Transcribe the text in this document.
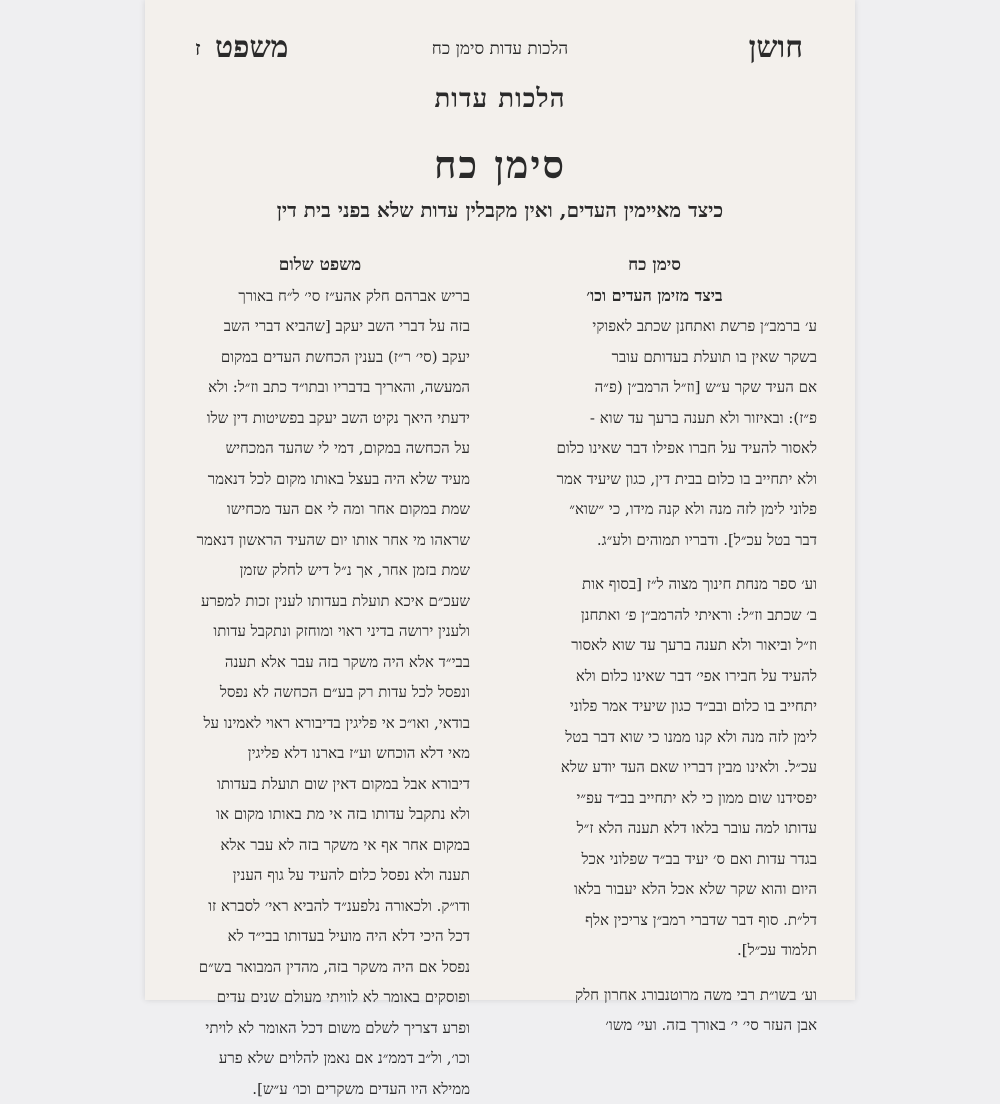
חושן
הלכות עדות סימן כח
משפט
ז
הלכות עדות
סימן כח
כיצד מאיימין העדים, ואין מקבלין עדות שלא בפני בית דין

סימן כח

ביצד מזימן העדים וכו׳

ע׳ ברמב״ן פרשת ואתחנן שכתב לאפוקי

בשקר שאין בו תועלת בעדותם עובר

אם העיד שקר ע״ש [וז״ל הרמב״ן (פ״ה

פ״ז): ובאיזור ולא תענה ברעך עד שוא -

לאסור להעיד על חברו אפילו דבר שאינו כלום

ולא יתחייב בו כלום בבית דין, כגון שיעיד אמר

פלוני לימן לזה מנה ולא קנה מידו, כי ״שוא״

דבר בטל עכ״ל]. ודבריו תמוהים ולע״ג.

וע׳ ספר מנחת חינוך מצוה ל״ז [בסוף אות

ב׳ שכתב וז״ל: וראיתי להרמב״ן פ׳ ואתחנן

וז״ל וביאור ולא תענה ברעך עד שוא לאסור

להעיד על חבירו אפי׳ דבר שאינו כלום ולא

יתחייב בו כלום ובב״ד כגון שיעיד אמר פלוני

לימן לזה מנה ולא קנו ממנו כי שוא דבר בטל

עכ״ל. ולאינו מבין דבריו שאם העד יודע שלא

יפסידנו שום ממון כי לא יתחייב בב״ד עפ״י

עדותו למה עובר בלאו דלא תענה הלא ז״ל

בגדר עדות ואם ס׳ יעיד בב״ד שפלוני אכל

היום והוא שקר שלא אכל הלא יעבור בלאו

דל״ת. סוף דבר שדברי רמב״ן צריכין אלף

תלמוד עכ״ל].

וע׳ בשו״ת רבי משה מרוטנבורג אחרון חלק

אבן העזר סי׳ י׳ באורך בזה. ועי׳ משו׳

משפט שלום

בריש אברהם חלק אהע״ז סי׳ ל״ח באורך

בזה על דברי השב יעקב [שהביא דברי השב

יעקב (סי׳ ר״ז) בענין הכחשת העדים במקום

המעשה, והאריך בדבריו ובתו״ד כתב וז״ל: ולא

ידעתי היאך נקיט השב יעקב בפשיטות דין שלו

על הכחשה במקום, דמי לי שהעד המכחיש

מעיד שלא היה בעצל באותו מקום לכל דנאמר

שמת במקום אחר ומה לי אם העד מכחישו

שראהו מי אחר אותו יום שהעיד הראשון דנאמר

שמת בזמן אחר, אך נ״ל דיש לחלק שזמן

שעכ״ם איכא תועלת בעדותו לענין זכות למפרע

ולענין ירושה בדיני ראוי ומוחזק ונתקבל עדותו

בבי״ד אלא היה משקר בזה עבר אלא תענה

ונפסל לכל עדות רק בע״ם הכחשה לא נפסל

בודאי, ואו״כ אי פליגין בדיבורא ראוי לאמינו על

מאי דלא הוכחש וע״ז בארנו דלא פליגין

דיבורא אבל במקום דאין שום תועלת בעדותו

ולא נתקבל עדותו בזה אי מת באותו מקום או

במקום אחר אף אי משקר בזה לא עבר אלא

תענה ולא נפסל כלום להעיד על גוף הענין

ודו״ק. ולכאורה נלפענ״ד להביא ראי׳ לסברא זו

דכל היכי דלא היה מועיל בעדותו בבי״ד לא

נפסל אם היה משקר בזה, מהדין המבואר בש״ם

ופוסקים באומר לא לוויתי מעולם שנים עדים

ופרע דצריך לשלם משום דכל האומר לא לויתי

וכו׳, ול״ב דממ״נ אם נאמן להלוים שלא פרע

ממילא היו העדים משקרים וכו׳ ע״ש].
